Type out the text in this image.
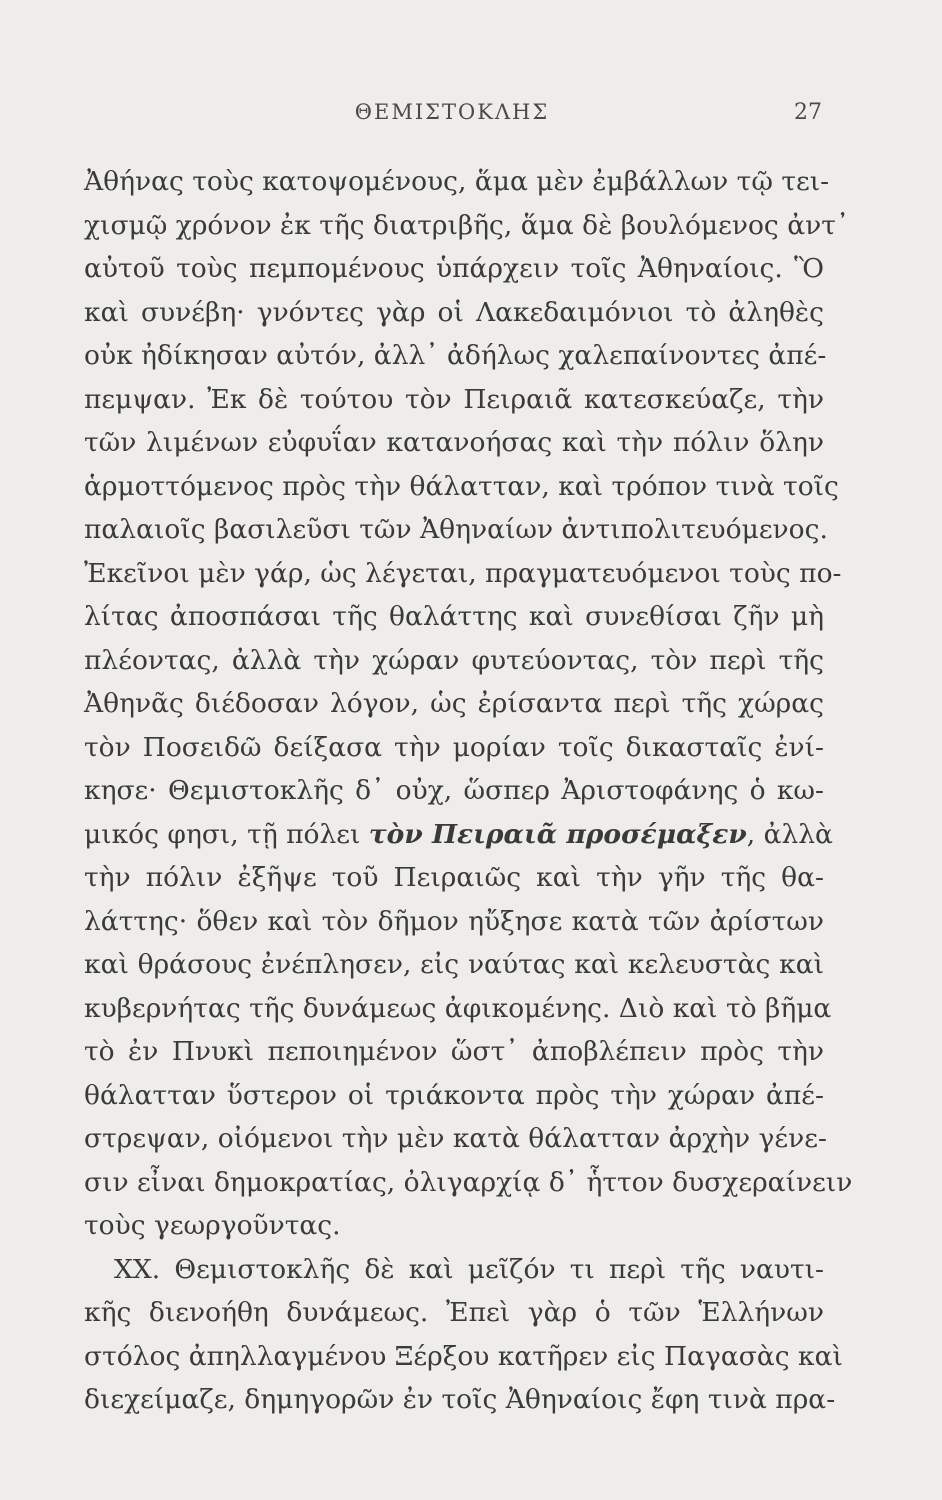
ΘΕΜΙΣΤΟΚΛΗΣ	27
Ἀθήνας τοὺς κατοψομένους, ἅμα μὲν ἐμβάλλων τῷ τει-
χισμῷ χρόνον ἐκ τῆς διατριβῆς, ἅμα δὲ βουλόμενος ἀντ᾽
αὐτοῦ τοὺς πεμπομένους ὑπάρχειν τοῖς Ἀθηναίοις. Ὃ
καὶ συνέβη· γνόντες γὰρ οἱ Λακεδαιμόνιοι τὸ ἀληθὲς
οὐκ ἠδίκησαν αὐτόν, ἀλλ᾽ ἀδήλως χαλεπαίνοντες ἀπέ-
πεμψαν. Ἐκ δὲ τούτου τὸν Πειραιᾶ κατεσκεύαζε, τὴν
τῶν λιμένων εὐφυΐαν κατανοήσας καὶ τὴν πόλιν ὅλην
ἁρμοττόμενος πρὸς τὴν θάλατταν, καὶ τρόπον τινὰ τοῖς
παλαιοῖς βασιλεῦσι τῶν Ἀθηναίων ἀντιπολιτευόμενος.
Ἐκεῖνοι μὲν γάρ, ὡς λέγεται, πραγματευόμενοι τοὺς πο-
λίτας ἀποσπάσαι τῆς θαλάττης καὶ συνεθίσαι ζῆν μὴ
πλέοντας, ἀλλὰ τὴν χώραν φυτεύοντας, τὸν περὶ τῆς
Ἀθηνᾶς διέδοσαν λόγον, ὡς ἐρίσαντα περὶ τῆς χώρας
τὸν Ποσειδῶ δείξασα τὴν μορίαν τοῖς δικασταῖς ἐνί-
κησε· Θεμιστοκλῆς δ᾽ οὐχ, ὥσπερ Ἀριστοφάνης ὁ κω-
μικός φησι, τῇ πόλει τὸν Πειραιᾶ προσέμαξεν, ἀλλὰ
τὴν πόλιν ἐξῆψε τοῦ Πειραιῶς καὶ τὴν γῆν τῆς θα-
λάττης· ὅθεν καὶ τὸν δῆμον ηὔξησε κατὰ τῶν ἀρίστων
καὶ θράσους ἐνέπλησεν, εἰς ναύτας καὶ κελευστὰς καὶ
κυβερνήτας τῆς δυνάμεως ἀφικομένης. Διὸ καὶ τὸ βῆμα
τὸ ἐν Πνυκὶ πεποιημένον ὥστ᾽ ἀποβλέπειν πρὸς τὴν
θάλατταν ὕστερον οἱ τριάκοντα πρὸς τὴν χώραν ἀπέ-
στρεψαν, οἰόμενοι τὴν μὲν κατὰ θάλατταν ἀρχὴν γένε-
σιν εἶναι δημοκρατίας, ὀλιγαρχίᾳ δ᾽ ἧττον δυσχεραίνειν
τοὺς γεωργοῦντας.
XX. Θεμιστοκλῆς δὲ καὶ μεῖζόν τι περὶ τῆς ναυτι-
κῆς διενοήθη δυνάμεως. Ἐπεὶ γὰρ ὁ τῶν Ἑλλήνων
στόλος ἀπηλλαγμένου Ξέρξου κατῆρεν εἰς Παγασὰς καὶ
διεχείμαζε, δημηγορῶν ἐν τοῖς Ἀθηναίοις ἔφη τινὰ πρα-
